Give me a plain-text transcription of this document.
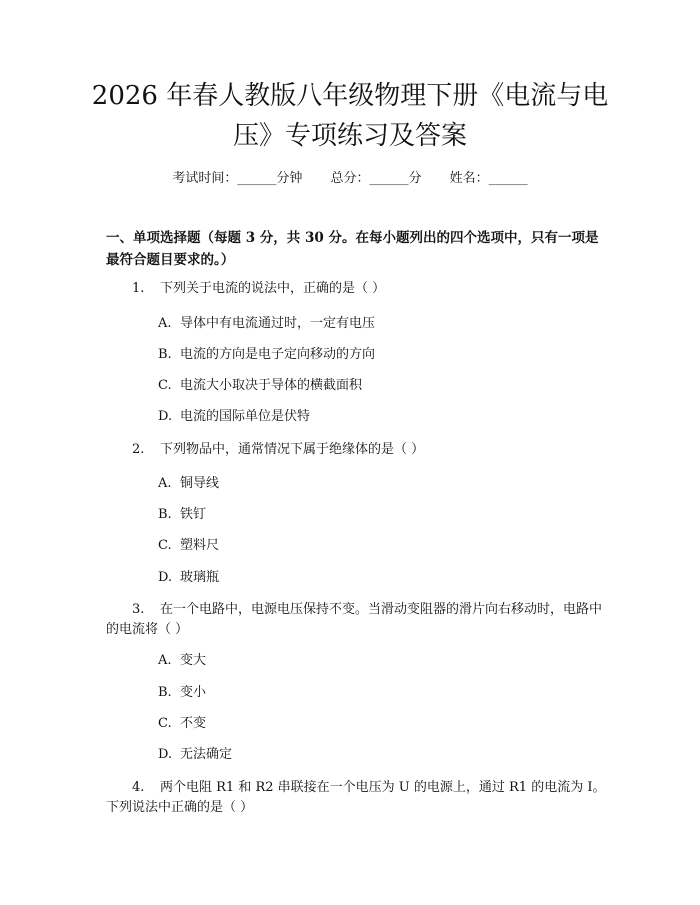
2026 年春人教版八年级物理下册《电流与电
压》专项练习及答案
考试时间：______分钟 总分：______分 姓名：______
一、单项选择题（每题 3 分，共 30 分。在每小题列出的四个选项中，只有一项是最符合题目要求的。）
1. 下列关于电流的说法中，正确的是（ ）
A. 导体中有电流通过时，一定有电压
B. 电流的方向是电子定向移动的方向
C. 电流大小取决于导体的横截面积
D. 电流的国际单位是伏特
2. 下列物品中，通常情况下属于绝缘体的是（ ）
A. 铜导线
B. 铁钉
C. 塑料尺
D. 玻璃瓶
3. 在一个电路中，电源电压保持不变。当滑动变阻器的滑片向右移动时，电路中的电流将（ ）
A. 变大
B. 变小
C. 不变
D. 无法确定
4. 两个电阻 R1 和 R2 串联接在一个电压为 U 的电源上，通过 R1 的电流为 I。下列说法中正确的是（ ）
